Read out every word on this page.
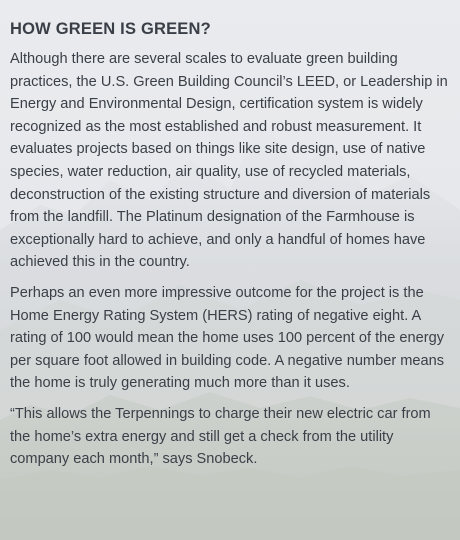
HOW GREEN IS GREEN?

Although there are several scales to evaluate green building practices, the U.S. Green Building Council’s LEED, or Leadership in Energy and Environmental Design, certification system is widely recognized as the most established and robust measurement. It evaluates projects based on things like site design, use of native species, water reduction, air quality, use of recycled materials, deconstruction of the existing structure and diversion of materials from the landfill. The Platinum designation of the Farmhouse is exceptionally hard to achieve, and only a handful of homes have achieved this in the country.

Perhaps an even more impressive outcome for the project is the Home Energy Rating System (HERS) rating of negative eight. A rating of 100 would mean the home uses 100 percent of the energy per square foot allowed in building code. A negative number means the home is truly generating much more than it uses.

“This allows the Terpennings to charge their new electric car from the home’s extra energy and still get a check from the utility company each month,” says Snobeck.
